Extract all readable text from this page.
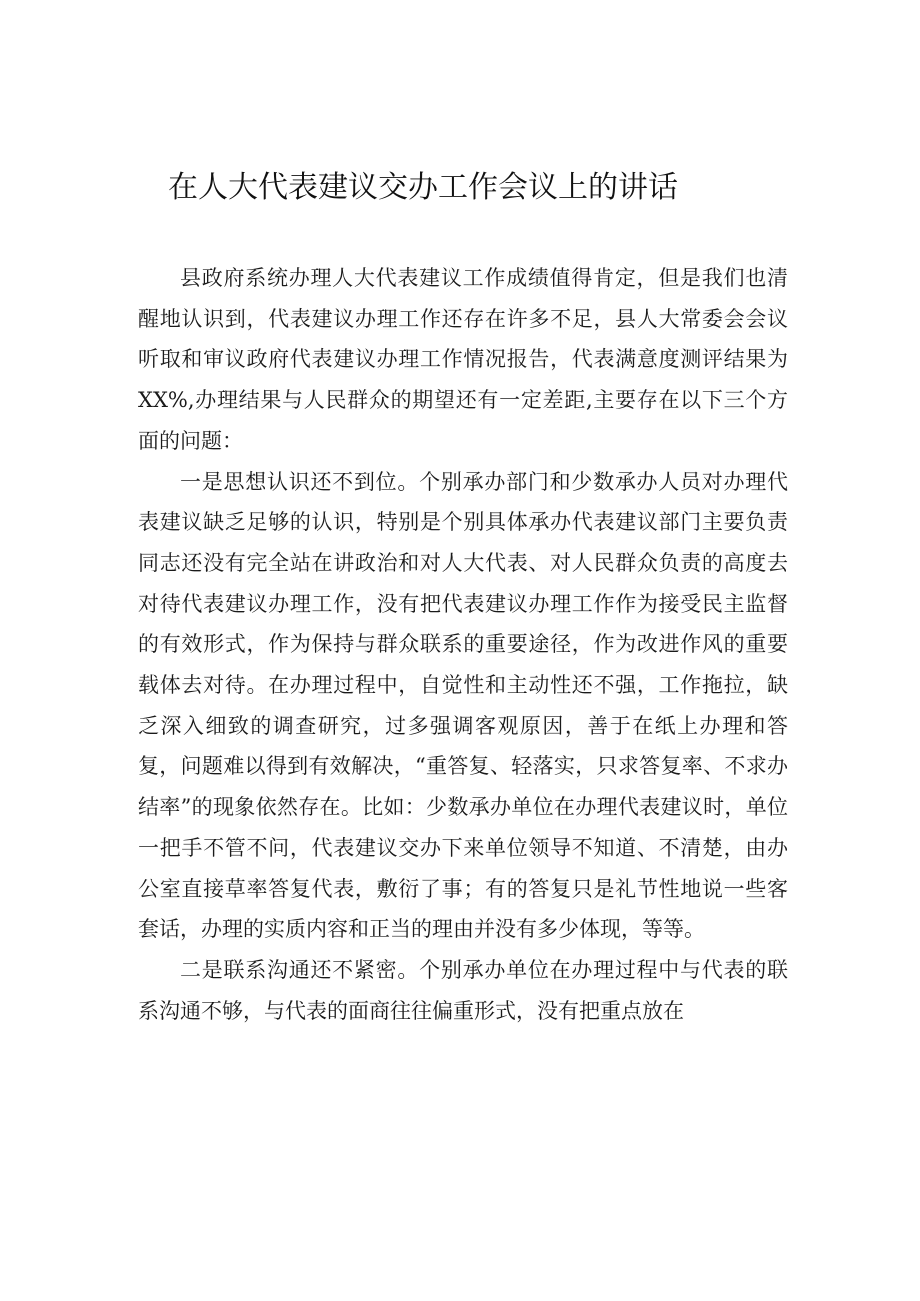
在人大代表建议交办工作会议上的讲话

县政府系统办理人大代表建议工作成绩值得肯定，但是我们也清醒地认识到，代表建议办理工作还存在许多不足，县人大常委会会议听取和审议政府代表建议办理工作情况报告，代表满意度测评结果为XX%,办理结果与人民群众的期望还有一定差距,主要存在以下三个方面的问题：

一是思想认识还不到位。个别承办部门和少数承办人员对办理代表建议缺乏足够的认识，特别是个别具体承办代表建议部门主要负责同志还没有完全站在讲政治和对人大代表、对人民群众负责的高度去对待代表建议办理工作，没有把代表建议办理工作作为接受民主监督的有效形式，作为保持与群众联系的重要途径，作为改进作风的重要载体去对待。在办理过程中，自觉性和主动性还不强，工作拖拉，缺乏深入细致的调查研究，过多强调客观原因，善于在纸上办理和答复，问题难以得到有效解决，“重答复、轻落实，只求答复率、不求办结率”的现象依然存在。比如：少数承办单位在办理代表建议时，单位一把手不管不问，代表建议交办下来单位领导不知道、不清楚，由办公室直接草率答复代表，敷衍了事；有的答复只是礼节性地说一些客套话，办理的实质内容和正当的理由并没有多少体现，等等。

二是联系沟通还不紧密。个别承办单位在办理过程中与代表的联系沟通不够，与代表的面商往往偏重形式，没有把重点放在
